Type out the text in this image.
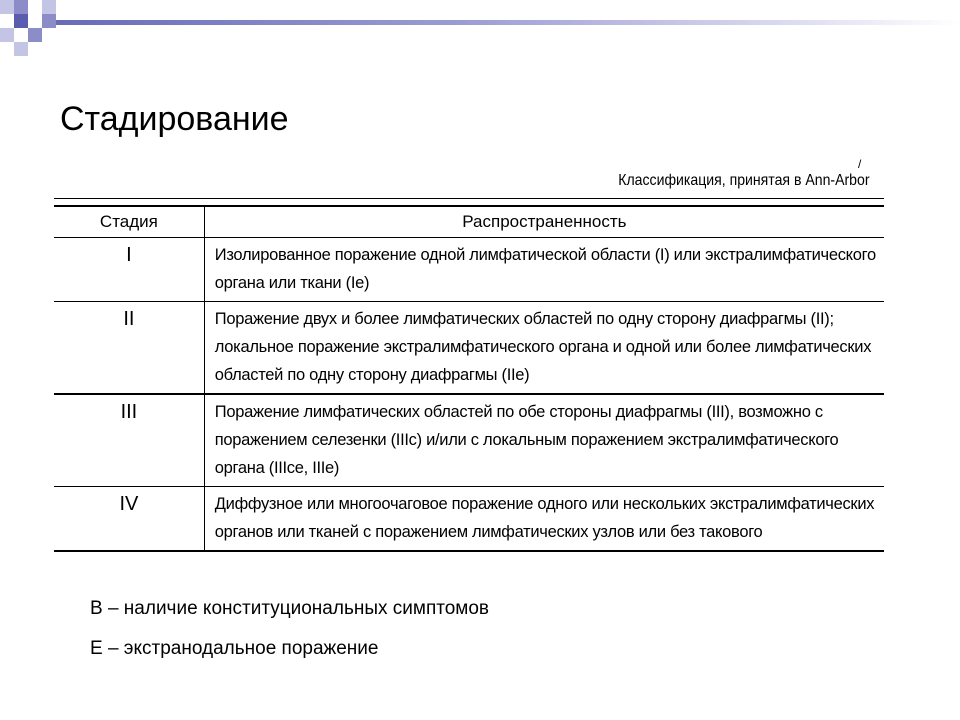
Стадирование
/
Классификация, принятая в Ann-Arbor
Стадия	Распространенность
I	Изолированное поражение одной лимфатической области (I) или экстралимфатического органа или ткани (Ie)
II	Поражение двух и более лимфатических областей по одну сторону диафрагмы (II); локальное поражение экстралимфатического органа и одной или более лимфатических областей по одну сторону диафрагмы (IIe)
III	Поражение лимфатических областей по обе стороны диафрагмы (III), возможно с поражением селезенки (IIIс) и/или с локальным поражением экстралимфатического органа (IIIce, IIIe)
IV	Диффузное или многоочаговое поражение одного или нескольких экстралимфатических органов или тканей с поражением лимфатических узлов или без такового
В – наличие конституциональных симптомов
Е – экстранодальное поражение
